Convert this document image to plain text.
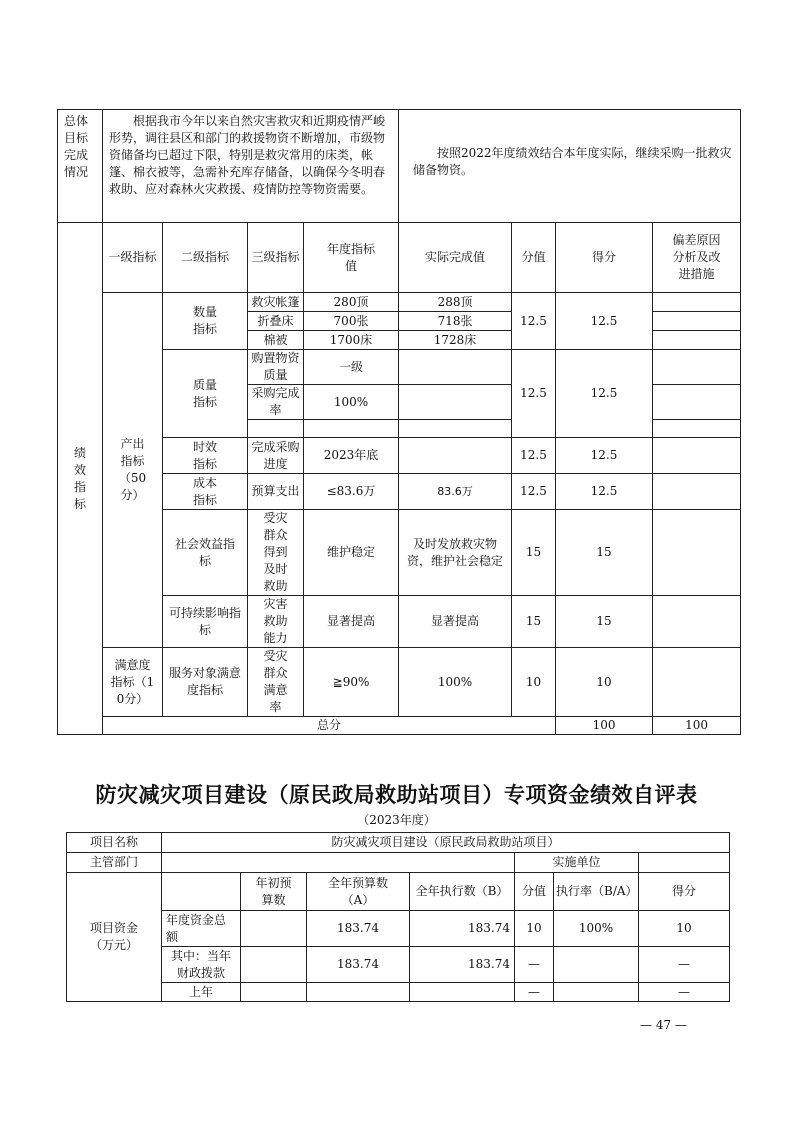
总体目标完成情况	根据我市今年以来自然灾害救灾和近期疫情严峻形势，调往县区和部门的救援物资不断增加，市级物资储备均已超过下限，特别是救灾常用的床类，帐篷、棉衣被等，急需补充库存储备，以确保今冬明春救助、应对森林火灾救援、疫情防控等物资需要。				按照2022年度绩效结合本年度实际，继续采购一批救灾储备物资。				
绩效指标	一级指标	二级指标	三级指标	年度指标值	实际完成值	分值	得分	偏差原因分析及改进措施	
	产出指标（50分）	数量指标	救灾帐篷	280顶	288顶	12.5	12.5		
			折叠床	700张	718张				
			棉被	1700床	1728床				
		质量指标	购置物资质量	一级		12.5	12.5		
			采购完成率	100%					

		时效指标	完成采购进度	2023年底		12.5	12.5		
		成本指标	预算支出	≤83.6万	83.6万	12.5	12.5		
		社会效益指标	受灾群众得到及时救助	维护稳定	及时发放救灾物资，维护社会稳定	15	15		
		可持续影响指标	灾害救助能力	显著提高	显著提高	15	15		
	满意度指标（10分）	服务对象满意度指标	受灾群众满意率	≧90%	100%	10	10		
	总分						100	100	
防灾减灾项目建设（原民政局救助站项目）专项资金绩效自评表
（2023年度）
项目名称	防灾减灾项目建设（原民政局救助站项目）						
主管部门					实施单位		
项目资金（万元）		年初预算数	全年预算数（A）	全年执行数（B）	分值	执行率（B/A）	得分
	年度资金总额		183.74	183.74	10	100%	10
	其中：当年财政拨款		183.74	183.74	—		—
	上年				—		—
— 47 —
